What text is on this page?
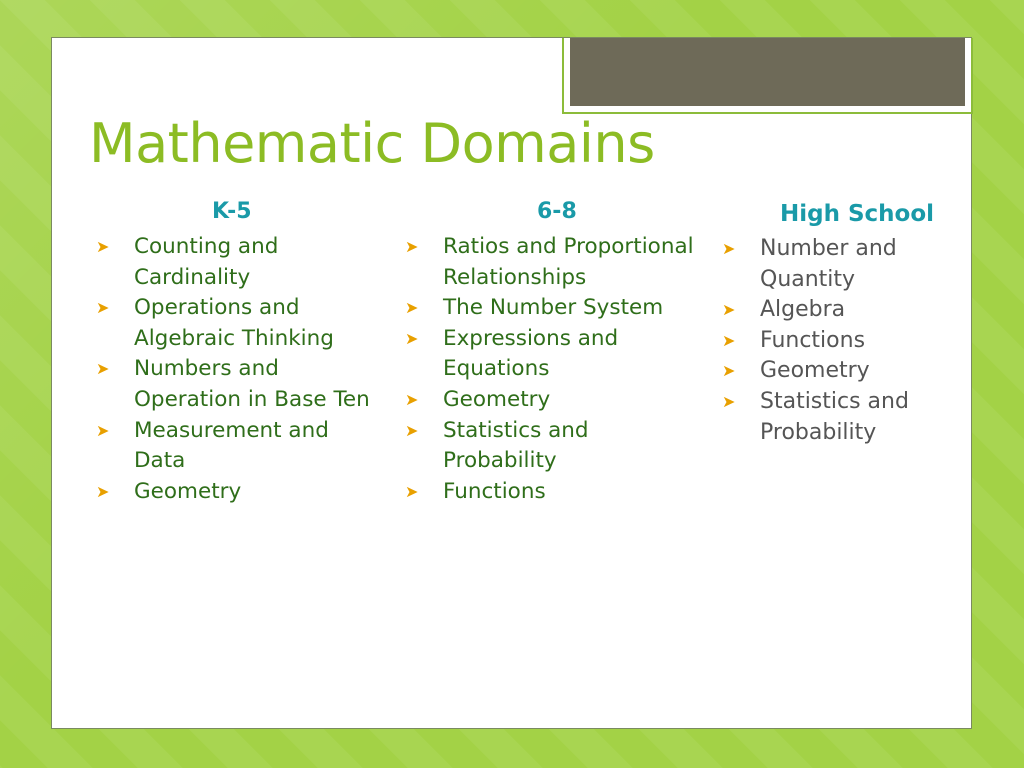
Mathematic Domains
K-5
➤	Counting and Cardinality
➤	Operations and Algebraic Thinking
➤	Numbers and Operation in Base Ten
➤	Measurement and Data
➤	Geometry
6-8
➤	Ratios and Proportional Relationships
➤	The Number System
➤	Expressions and Equations
➤	Geometry
➤	Statistics and Probability
➤	Functions
High School
➤ Number and Quantity
➤ Algebra
➤ Functions
➤ Geometry
➤ Statistics and Probability
